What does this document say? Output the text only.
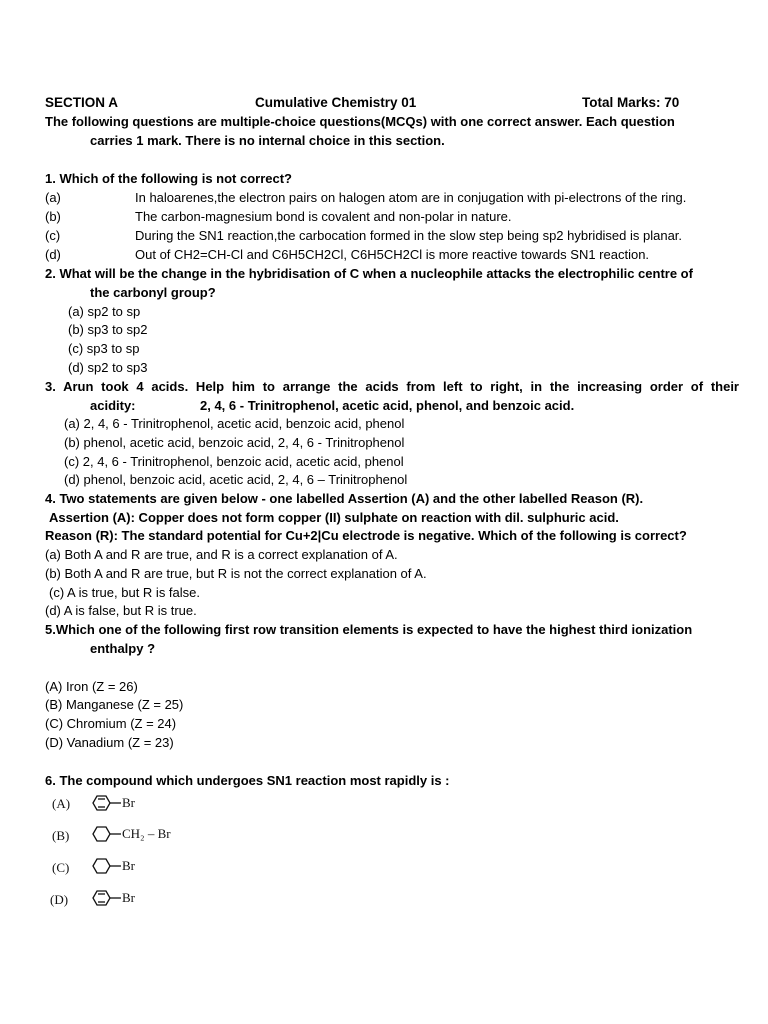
SECTION A	Cumulative Chemistry 01	Total Marks: 70
The following questions are multiple-choice questions(MCQs) with one correct answer. Each question
carries 1 mark. There is no internal choice in this section.
1. Which of the following is not correct?
(a)	In haloarenes,the electron pairs on halogen atom are in conjugation with pi-electrons of the ring.
(b)	The carbon-magnesium bond is covalent and non-polar in nature.
(c)	During the SN1 reaction,the carbocation formed in the slow step being sp2 hybridised is planar.
(d)	Out of CH2=CH-Cl and C6H5CH2Cl, C6H5CH2Cl is more reactive towards SN1 reaction.
2. What will be the change in the hybridisation of C when a nucleophile attacks the electrophilic centre of
the carbonyl group?
(a) sp2 to sp
(b) sp3 to sp2
(c) sp3 to sp
(d) sp2 to sp3
3. Arun took 4 acids. Help him to arrange the acids from left to right, in the increasing order of their
acidity:	2, 4, 6 - Trinitrophenol, acetic acid, phenol, and benzoic acid.
(a) 2, 4, 6 - Trinitrophenol, acetic acid, benzoic acid, phenol
(b) phenol, acetic acid, benzoic acid, 2, 4, 6 - Trinitrophenol
(c) 2, 4, 6 - Trinitrophenol, benzoic acid, acetic acid, phenol
(d) phenol, benzoic acid, acetic acid, 2, 4, 6 – Trinitrophenol
4. Two statements are given below - one labelled Assertion (A) and the other labelled Reason (R).
Assertion (A): Copper does not form copper (II) sulphate on reaction with dil. sulphuric acid.
Reason (R): The standard potential for Cu+2|Cu electrode is negative. Which of the following is correct?
(a) Both A and R are true, and R is a correct explanation of A.
(b) Both A and R are true, but R is not the correct explanation of A.
(c) A is true, but R is false.
(d) A is false, but R is true.
5.Which one of the following first row transition elements is expected to have the highest third ionization
enthalpy ?
(A) Iron (Z = 26)
(B) Manganese (Z = 25)
(C) Chromium (Z = 24)
(D) Vanadium (Z = 23)
6. The compound which undergoes SN1 reaction most rapidly is :
(A)	Br
(B)	CH₂ – Br
(C)	Br
(D)	Br
